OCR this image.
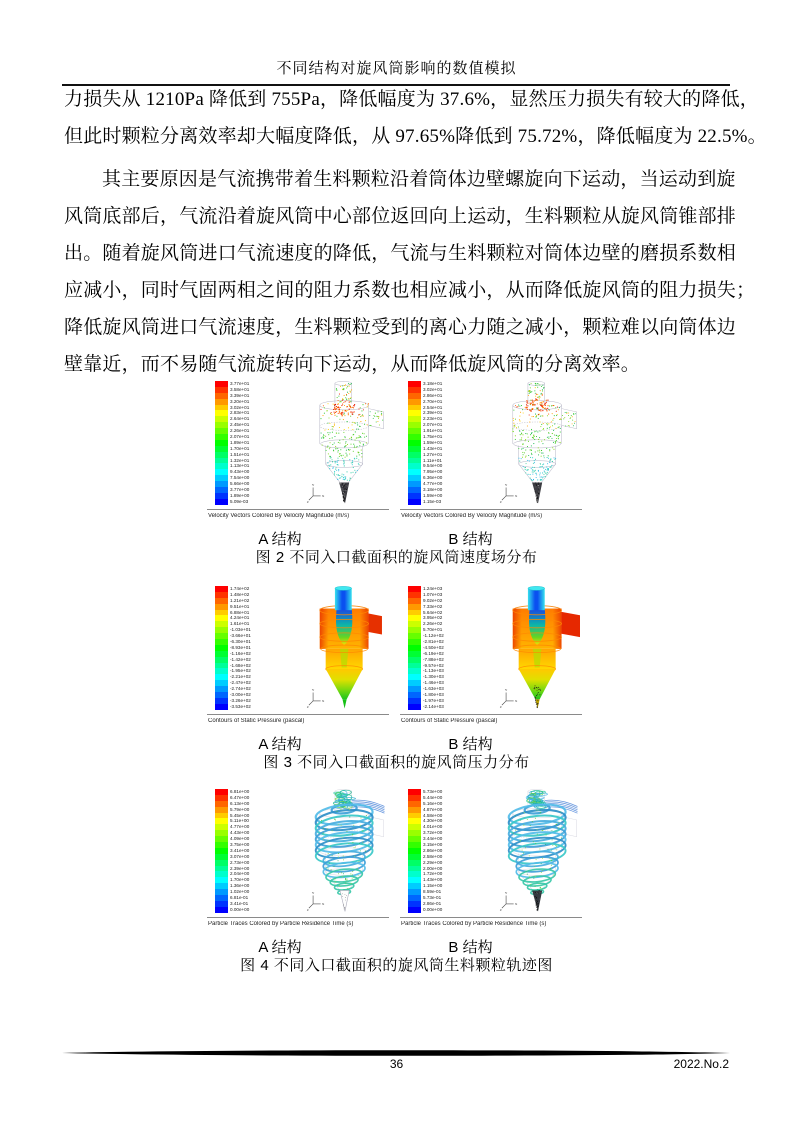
不同结构对旋风筒影响的数值模拟
力损失从 1210Pa 降低到 755Pa，降低幅度为 37.6%，显然压力损失有较大的降低，
但此时颗粒分离效率却大幅度降低，从 97.65%降低到 75.72%，降低幅度为 22.5%。
其主要原因是气流携带着生料颗粒沿着筒体边壁螺旋向下运动，当运动到旋
风筒底部后，气流沿着旋风筒中心部位返回向上运动，生料颗粒从旋风筒锥部排
出。随着旋风筒进口气流速度的降低，气流与生料颗粒对筒体边壁的磨损系数相
应减小，同时气固两相之间的阻力系数也相应减小，从而降低旋风筒的阻力损失；
降低旋风筒进口气流速度，生料颗粒受到的离心力随之减小，颗粒难以向筒体边
壁靠近，而不易随气流旋转向下运动，从而降低旋风筒的分离效率。
3.77e+01
3.58e+01
3.39e+01
3.20e+01
3.02e+01
2.83e+01
2.64e+01
2.45e+01
2.26e+01
2.07e+01
1.89e+01
1.70e+01
1.51e+01
1.32e+01
1.13e+01
9.43e+00
7.54e+00
5.66e+00
3.77e+00
1.89e+00
5.09e-03
Y
X
Z
Velocity Vectors Colored By Velocity Magnitude (m/s)
3.18e+01
3.02e+01
2.86e+01
2.70e+01
2.54e+01
2.39e+01
2.23e+01
2.07e+01
1.91e+01
1.75e+01
1.59e+01
1.43e+01
1.27e+01
1.11e+01
9.54e+00
7.95e+00
6.36e+00
4.77e+00
3.18e+00
1.59e+00
1.15e-03
Y
X
Z
Velocity Vectors Colored By Velocity Magnitude (m/s)
A 结构	B 结构
图 2 不同入口截面积的旋风筒速度场分布
1.74e+02
1.48e+02
1.21e+02
9.51e+01
6.88e+01
4.24e+01
1.61e+01
-1.03e+01
-3.66e+01
-6.30e+01
-8.93e+01
-1.16e+02
-1.42e+02
-1.68e+02
-1.95e+02
-2.21e+02
-2.47e+02
-2.74e+02
-3.00e+02
-3.26e+02
-3.53e+02
Y
X
Z
Contours of Static Pressure (pascal)
1.24e+03
1.07e+03
9.02e+02
7.33e+02
5.64e+02
3.95e+02
2.26e+02
5.70e+01
-1.12e+02
-2.81e+02
-4.50e+02
-6.19e+02
-7.88e+02
-9.57e+02
-1.13e+03
-1.30e+03
-1.46e+03
-1.63e+03
-1.80e+03
-1.97e+03
-2.14e+03
Y
X
Z
Contours of Static Pressure (pascal)
A 结构	B 结构
图 3 不同入口截面积的旋风筒压力分布
6.81e+00
6.47e+00
6.13e+00
5.79e+00
5.45e+00
5.11e+00
4.77e+00
4.43e+00
4.09e+00
3.75e+00
3.41e+00
3.07e+00
2.73e+00
2.39e+00
2.04e+00
1.70e+00
1.36e+00
1.02e+00
6.81e-01
3.41e-01
0.00e+00
Y
X
Z
Particle Traces Colored by Particle Residence Time (s)
5.73e+00
5.44e+00
5.16e+00
4.87e+00
4.58e+00
4.30e+00
4.01e+00
3.72e+00
3.44e+00
3.15e+00
2.86e+00
2.58e+00
2.29e+00
2.00e+00
1.72e+00
1.43e+00
1.15e+00
8.59e-01
5.73e-01
2.86e-01
0.00e+00
Y
X
Z
Particle Traces Colored by Particle Residence Time (s)
A 结构	B 结构
图 4 不同入口截面积的旋风筒生料颗粒轨迹图
36	2022.No.2
